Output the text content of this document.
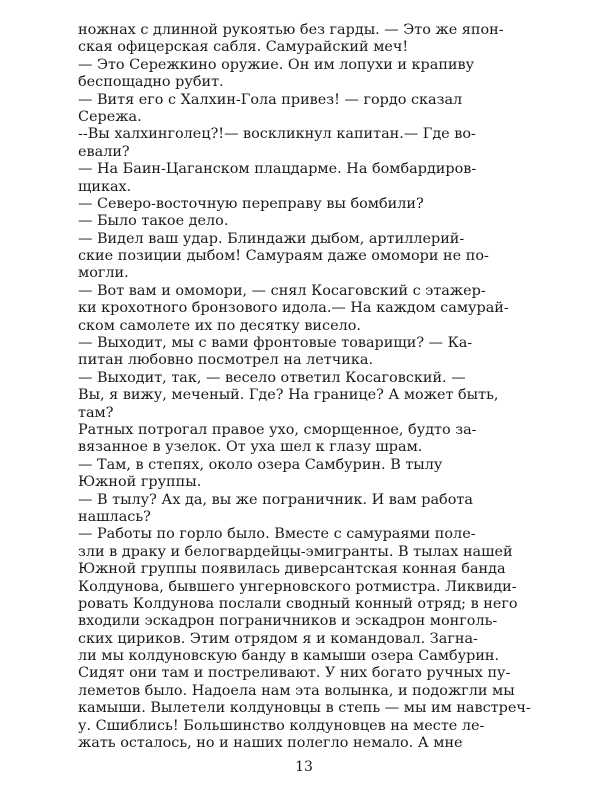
ножнах с длинной рукоятью без гарды. — Это же япон-
ская офицерская сабля. Самурайский меч!
— Это Сережкино оружие. Он им лопухи и крапиву
беспощадно рубит.
— Витя его с Халхин-Гола привез! — гордо сказал
Сережа.
--Вы халхинголец?!— воскликнул капитан.— Где во-
евали?
— На Баин-Цаганском плацдарме. На бомбардиров-
щиках.
— Северо-восточную переправу вы бомбили?
— Было такое дело.
— Видел ваш удар. Блиндажи дыбом, артиллерий-
ские позиции дыбом! Самураям даже омомори не по-
могли.
— Вот вам и омомори, — снял Косаговский с этажер-
ки крохотного бронзового идола.— На каждом самурай-
ском самолете их по десятку висело.
— Выходит, мы с вами фронтовые товарищи? — Ка-
питан любовно посмотрел на летчика.
— Выходит, так, — весело ответил Косаговский. —
Вы, я вижу, меченый. Где? На границе? А может быть,
там?
Ратных потрогал правое ухо, сморщенное, будто за-
вязанное в узелок. От уха шел к глазу шрам.
— Там, в степях, около озера Самбурин. В тылу
Южной группы.
— В тылу? Ах да, вы же пограничник. И вам работа
нашлась?
— Работы по горло было. Вместе с самураями поле-
зли в драку и белогвардейцы-эмигранты. В тылах нашей
Южной группы появилась диверсантская конная банда
Колдунова, бывшего унгерновского ротмистра. Ликвиди-
ровать Колдунова послали сводный конный отряд; в него
входили эскадрон пограничников и эскадрон монголь-
ских цириков. Этим отрядом я и командовал. Загна-
ли мы колдуновскую банду в камыши озера Самбурин.
Сидят они там и постреливают. У них богато ручных пу-
леметов было. Надоела нам эта волынка, и подожгли мы
камыши. Вылетели колдуновцы в степь — мы им навстреч-
у. Сшиблись! Большинство колдуновцев на месте ле-
жать осталось, но и наших полегло немало. А мне
13
